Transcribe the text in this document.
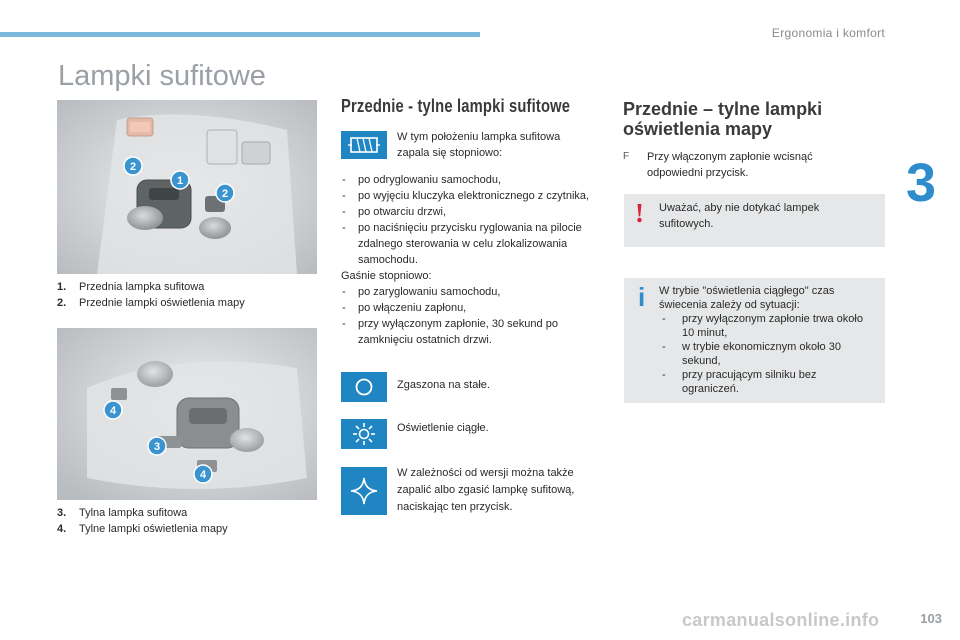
Ergonomia i komfort
3
Lampki sufitowe
2
1
2
1.	Przednia lampka sufitowa
2.	Przednie lampki oświetlenia mapy
4
3
4
3.	Tylna lampka sufitowa
4.	Tylne lampki oświetlenia mapy
Przednie - tylne lampki sufitowe
W tym położeniu lampka sufitowa zapala się stopniowo:
- po odryglowaniu samochodu,
- po wyjęciu kluczyka elektronicznego z czytnika,
- po otwarciu drzwi,
- po naciśnięciu przycisku ryglowania na pilocie zdalnego sterowania w celu zlokalizowania samochodu.

Gaśnie stopniowo:

- po zaryglowaniu samochodu,
- po włączeniu zapłonu,
- przy wyłączonym zapłonie, 30 sekund po zamknięciu ostatnich drzwi.
Zgaszona na stałe.
Oświetlenie ciągłe.
W zależności od wersji można także zapalić albo zgasić lampkę sufitową, naciskając ten przycisk.
Przednie – tylne lampki oświetlenia mapy
F	Przy włączonym zapłonie wcisnąć odpowiedni przycisk.
! Uważać, aby nie dotykać lampek sufitowych.
i W trybie "oświetlenia ciągłego" czas świecenia zależy od sytuacji:
- przy wyłączonym zapłonie trwa około 10 minut,
- w trybie ekonomicznym około 30 sekund,
- przy pracującym silniku bez ograniczeń.
103
carmanualsonline.info
